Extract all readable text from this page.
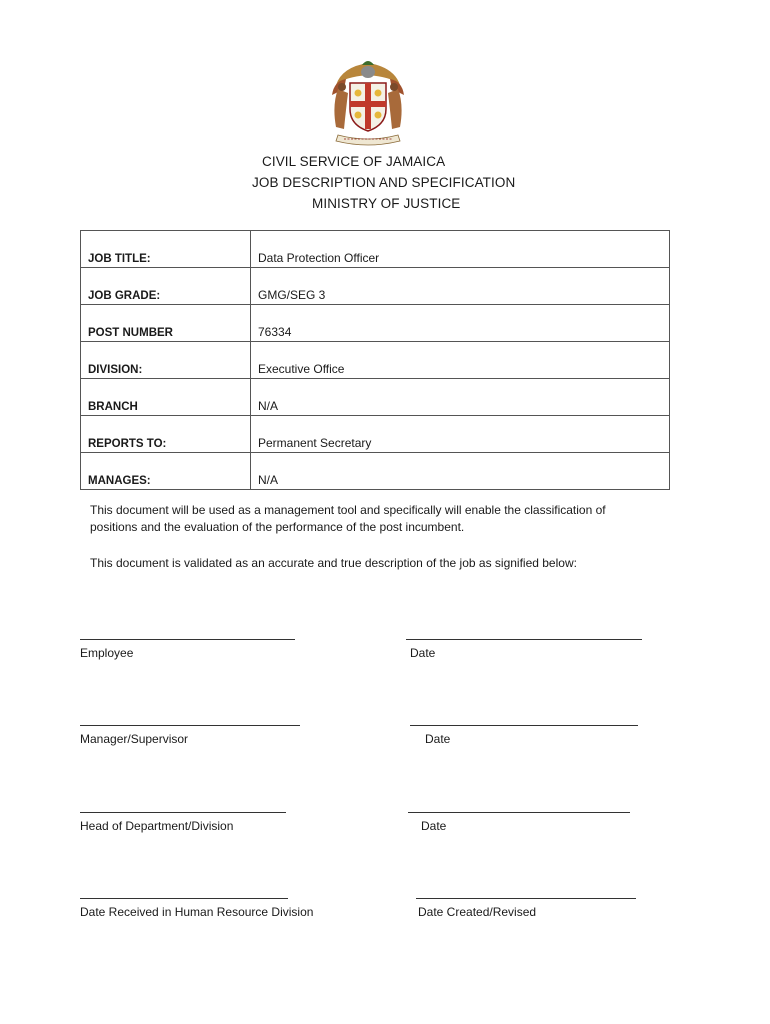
CIVIL SERVICE OF JAMAICA
JOB DESCRIPTION AND SPECIFICATION
MINISTRY OF JUSTICE
JOB TITLE:	Data Protection Officer
JOB GRADE:	GMG/SEG 3
POST NUMBER	76334
DIVISION:	Executive Office
BRANCH	N/A
REPORTS TO:	Permanent Secretary
MANAGES:	N/A
This document will be used as a management tool and specifically will enable the classification of positions and the evaluation of the performance of the post incumbent.
This document is validated as an accurate and true description of the job as signified below:
Employee	Date
Manager/Supervisor	Date
Head of Department/Division	Date
Date Received in Human Resource Division	Date Created/Revised
